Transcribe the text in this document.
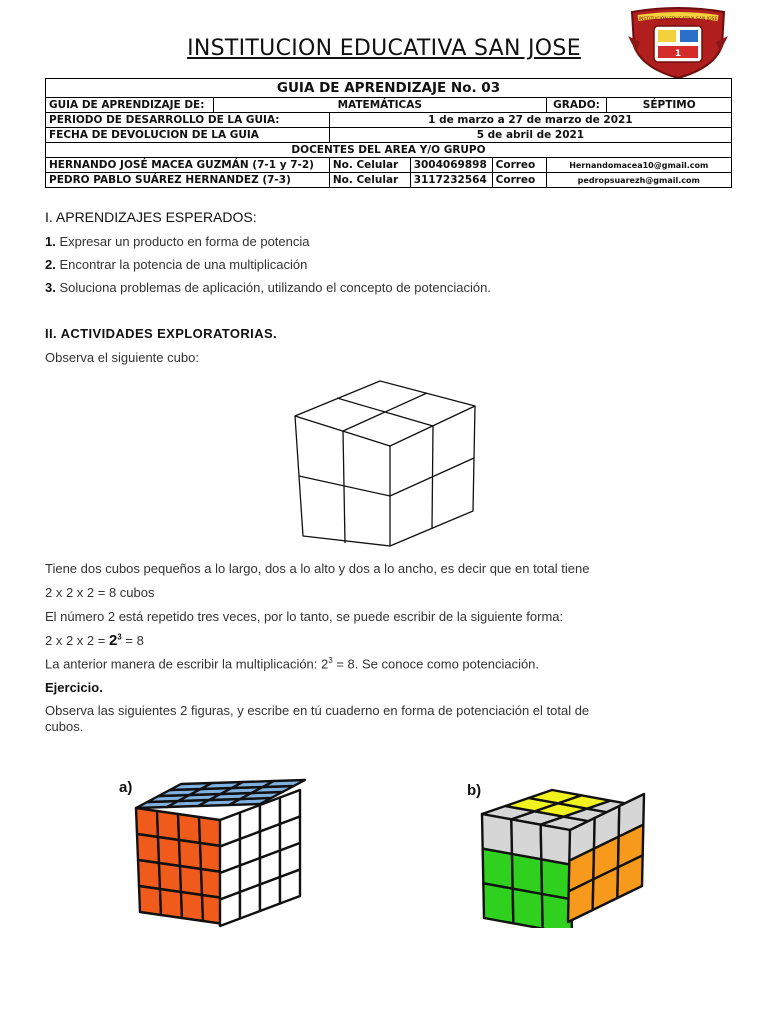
INSTITUCION EDUCATIVA SAN JOSE
INSTITUCIÓN EDUCATIVA SAN JOSE
1
GUIA DE APRENDIZAJE No. 03						
GUIA DE APRENDIZAJE DE:	MATEMÁTICAS				GRADO:	SÉPTIMO
PERIODO DE DESARROLLO DE LA GUIA:		1 de marzo a 27 de marzo de 2021				
FECHA DE DEVOLUCION DE LA GUIA		5 de abril de 2021				
DOCENTES DEL AREA Y/O GRUPO						
HERNANDO JOSÉ MACEA GUZMÁN (7-1 y 7-2)		No. Celular	3004069898	Correo	Hernandomacea10@gmail.com	
PEDRO PABLO SUÁREZ HERNANDEZ (7-3)		No. Celular	3117232564	Correo	pedropsuarezh@gmail.com	
I. APRENDIZAJES ESPERADOS:
1. Expresar un producto en forma de potencia
2. Encontrar la potencia de una multiplicación
3. Soluciona problemas de aplicación, utilizando el concepto de potenciación.
II. ACTIVIDADES EXPLORATORIAS.
Observa el siguiente cubo:
Tiene dos cubos pequeños a lo largo, dos a lo alto y dos a lo ancho, es decir que en total tiene
2 x 2 x 2 = 8 cubos
El número 2 está repetido tres veces, por lo tanto, se puede escribir de la siguiente forma:
2 x 2 x $2 = 2^3 = 8$
La anterior manera de escribir la multiplicación: $2^3 = 8$. Se conoce como potenciación.
Ejercicio.
Observa las siguientes 2 figuras, y escribe en tú cuaderno en forma de potenciación el total de
cubos.
a)	b)
